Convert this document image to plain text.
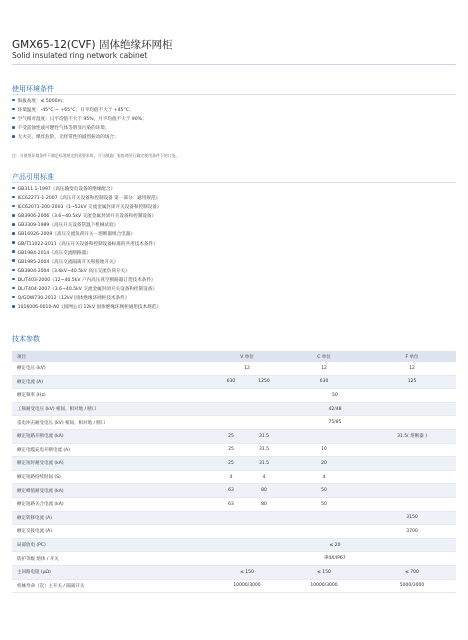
GMX65-12(CVF) 固体绝缘环网柜
Solid insulated ring network cabinet
使用环境条件
海拔高度：≤ 5000m；
环境温度：-45°C ~ +65°C；日平均值不大于 +45°C；
空气相对湿度：日平均值不大于 95%，月平均值不大于 90%；
不受雷蚀性或可燃性气体等明显污染的环境；
无火灾、爆炸危险，无经常性的剧烈振动的场合；
注：当使用环境条件不满足标准规定的需要求时，可与制造厂家协商另行确定使用条件下的订货。
产品引用标准
GB311.1-1997《高压输变电设备的绝缘配合》
IEC62271-1-2007《高压开关设备和控制设备 第一部分：通用规范》
IEC62071-200-2003《1~52kV 交流金属封闭开关设备和控制设备》
GB3906-2006《3.6~40.5kV 交流金属封闭开关设备和控制设备》
GB3309-1989《高压开关设备常温下机械试验》
GB16926-2009《高压交流负荷开关－熔断器组合电器》
GB/T11022-2011《高压开关设备和控制设备标准的共用技术条件》
GB1984-2014《高压交流断路器》
GB1985-2004《高压交流隔离开关和接地开关》
GB3804-2004《3.6kV~40.5kV 高压交流负荷开关》
DL/T403-2000《12~40.5kV 户内高压真空断路器订货技术条件》
DL/T404-2007《3.6~40.5kV 交流金属封闭开关设备和控制设备》
Q/GDW730-2012《12kV 固体绝缘环网柜技术条件》
1016006-0010-A0《国网公司 12kV 固体绝缘环网柜通用技术规范》
技术参数
项目	V 单位		C 单位	F 单位
额定电压 (kV)	12		12	12
额定电流 (A)	630	1250	630	125
额定频率 (Hz)	50			
工频耐受电压 (kV) 相间、相对地 / 断口	42/48			
雷电冲击耐受电压 (kV) 相间、相对地 / 断口	75/85			
额定短路开断电流 (kA)	25	31.5		31.5( 熔断器 )
额定电缆充电开断电流 (A)	25	31.5	10	
额定短时耐受电流 (kA)	25	31.5	20	
额定短路持续时间 (S)	4	4	4	
额定峰值耐受电流 (kA)	63	80	50	
额定短路关合电流 (kA)	63	80	50	
额定转移电流 (A)				3150
额定交接电流 (A)				3700
局部放电 (PC)	≤ 20			
防护等级 熔体 / 开关	IP4X/IP67			
主回路电阻 (μΩ)	≤ 150		≤ 150	≤ 700
机械寿命（次）主开关 / 隔离开关	10000/3000		10000/3000	5000/3000
